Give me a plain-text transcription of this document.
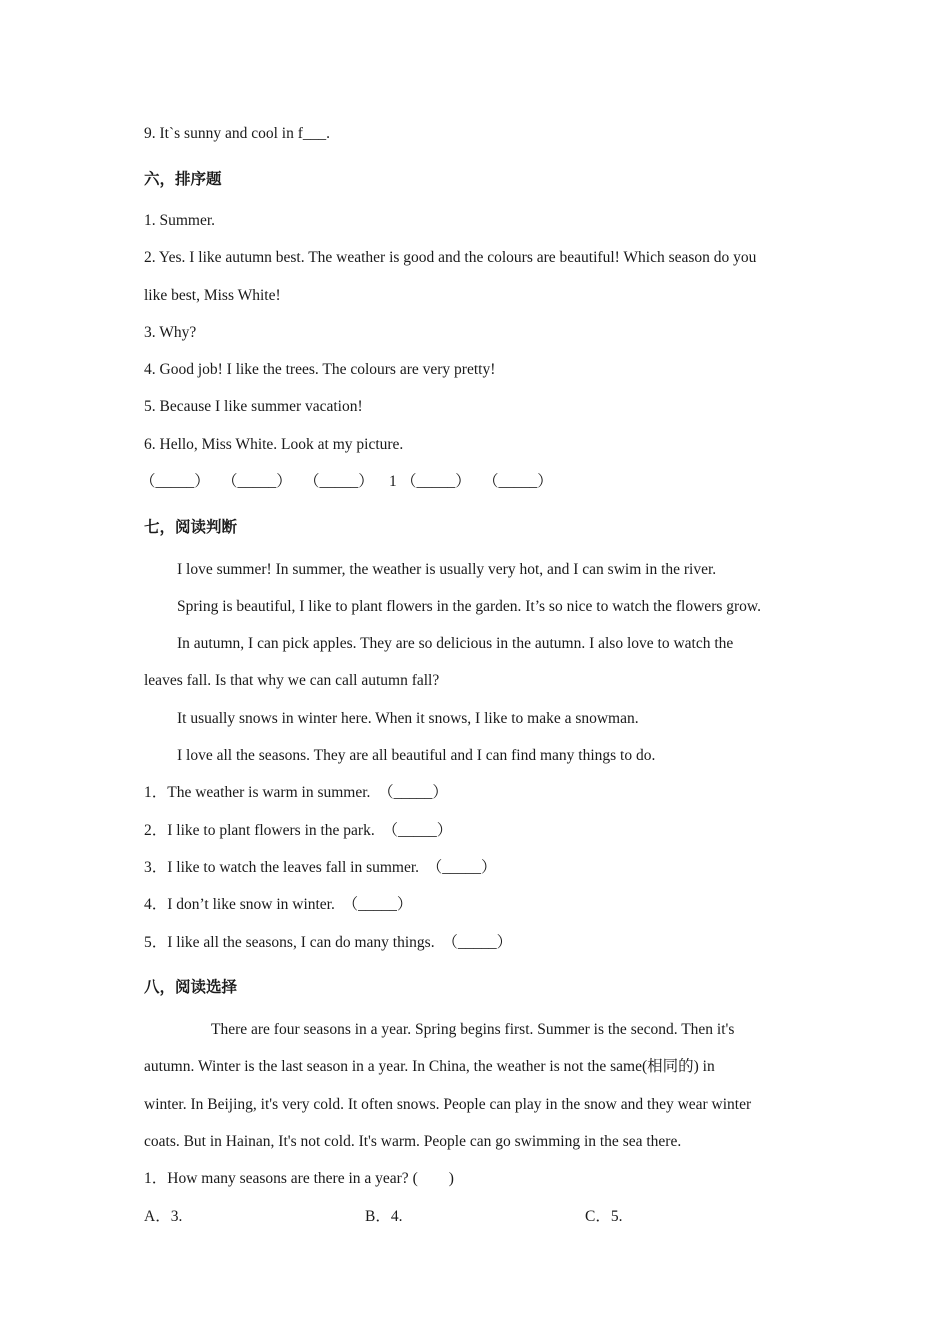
9. It`s sunny and cool in f___.
六，排序题
1. Summer.
2. Yes. I like autumn best. The weather is good and the colours are beautiful! Which season do you
like best, Miss White!
3. Why?
4. Good job! I like the trees. The colours are very pretty!
5. Because I like summer vacation!
6. Hello, Miss White. Look at my picture.
（_____） （_____） （_____） 1 （_____） （_____）
七，阅读判断
I love summer! In summer, the weather is usually very hot, and I can swim in the river.
Spring is beautiful, I like to plant flowers in the garden. It’s so nice to watch the flowers grow.
In autumn, I can pick apples. They are so delicious in the autumn. I also love to watch the
leaves fall. Is that why we can call autumn fall?
It usually snows in winter here. When it snows, I like to make a snowman.
I love all the seasons. They are all beautiful and I can find many things to do.
1．The weather is warm in summer.　（_____）
2．I like to plant flowers in the park.　（_____）
3．I like to watch the leaves fall in summer.　（_____）
4．I don’t like snow in winter.　（_____）
5．I like all the seasons, I can do many things.　（_____）
八，阅读选择
There are four seasons in a year. Spring begins first. Summer is the second. Then it's
autumn. Winter is the last season in a year. In China, the weather is not the same(相同的) in
winter. In Beijing, it's very cold. It often snows. People can play in the snow and they wear winter
coats. But in Hainan, It's not cold. It's warm. People can go swimming in the sea there.
1．How many seasons are there in a year? (　　)
A．3.	B．4.	C．5.
